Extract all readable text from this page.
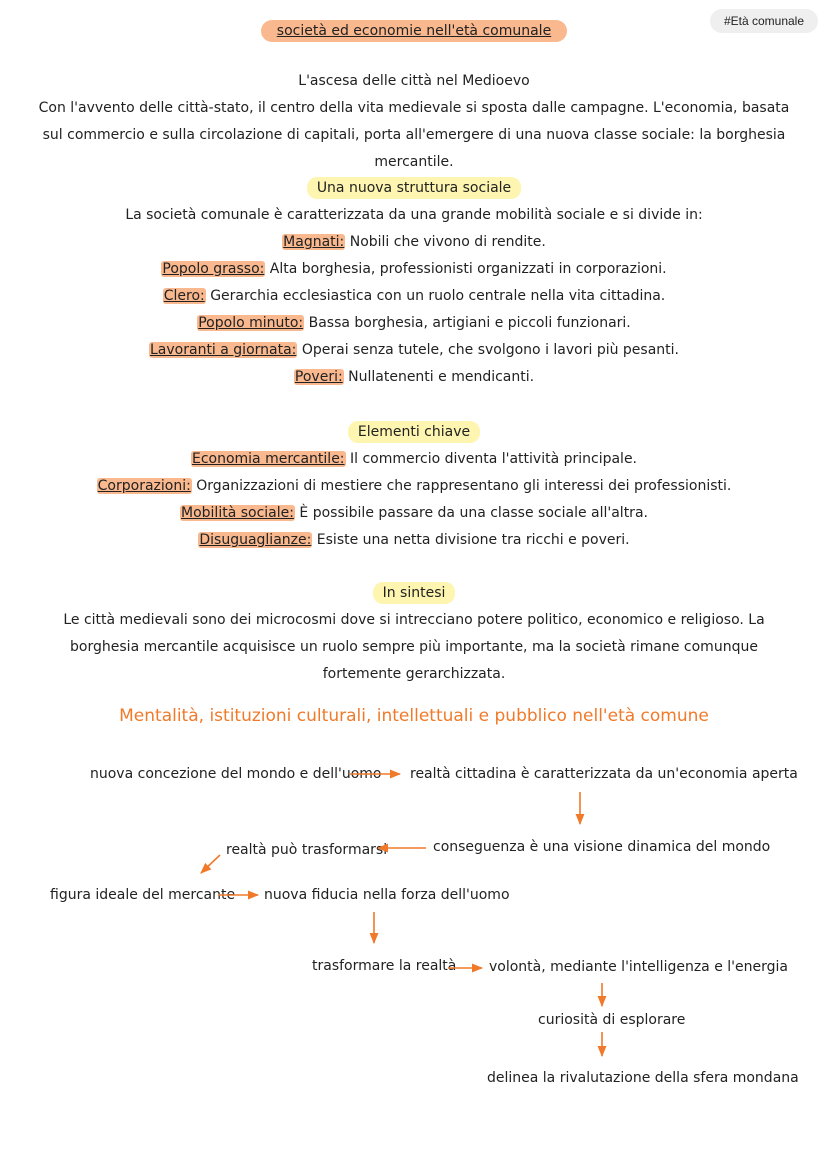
#Età comunale
società ed economie nell'età comunale
L'ascesa delle città nel Medioevo
Con l'avvento delle città-stato, il centro della vita medievale si sposta dalle campagne. L'economia, basata sul commercio e sulla circolazione di capitali, porta all'emergere di una nuova classe sociale: la borghesia mercantile.
Una nuova struttura sociale
La società comunale è caratterizzata da una grande mobilità sociale e si divide in:
Magnati: Nobili che vivono di rendite.
Popolo grasso: Alta borghesia, professionisti organizzati in corporazioni.
Clero: Gerarchia ecclesiastica con un ruolo centrale nella vita cittadina.
Popolo minuto: Bassa borghesia, artigiani e piccoli funzionari.
Lavoranti a giornata: Operai senza tutele, che svolgono i lavori più pesanti.
Poveri: Nullatenenti e mendicanti.
Elementi chiave
Economia mercantile: Il commercio diventa l'attività principale.
Corporazioni: Organizzazioni di mestiere che rappresentano gli interessi dei professionisti.
Mobilità sociale: È possibile passare da una classe sociale all'altra.
Disuguaglianze: Esiste una netta divisione tra ricchi e poveri.
In sintesi
Le città medievali sono dei microcosmi dove si intrecciano potere politico, economico e religioso. La borghesia mercantile acquisisce un ruolo sempre più importante, ma la società rimane comunque fortemente gerarchizzata.
Mentalità, istituzioni culturali, intellettuali e pubblico nell'età comune
nuova concezione del mondo e dell'uomo realtà cittadina è caratterizzata da un'economia aperta
realtà può trasformarsi	conseguenza è una visione dinamica del mondo
figura ideale del mercante nuova fiducia nella forza dell'uomo
trasformare la realtà volontà, mediante l'intelligenza e l'energia
curiosità di esplorare
delinea la rivalutazione della sfera mondana
